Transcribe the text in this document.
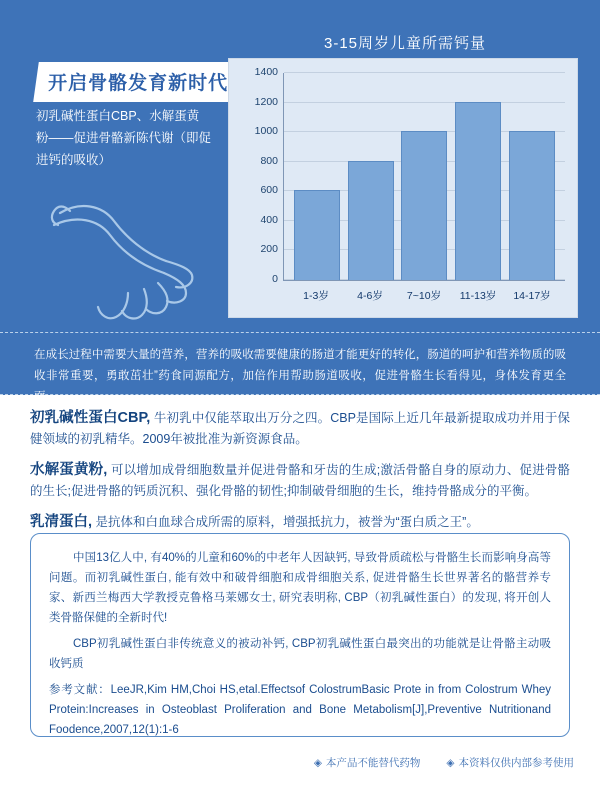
3-15周岁儿童所需钙量
开启骨骼发育新时代
初乳碱性蛋白CBP、水解蛋黄粉——促进骨骼新陈代谢（即促进钙的吸收）
0
200
400
600
800
1000
1200
1400
1-3岁	4-6岁	7~10岁	11-13岁	14-17岁

在成长过程中需要大量的营养，营养的吸收需要健康的肠道才能更好的转化，肠道的呵护和营养物质的吸收非常重要，勇敢茁壮”药食同源配方，加倍作用帮助肠道吸收，促进骨骼生长看得见，身体发育更全面。

初乳碱性蛋白CBP, 牛初乳中仅能萃取出万分之四。CBP是国际上近几年最新提取成功并用于保健领域的初乳精华。2009年被批准为新资源食品。

水解蛋黄粉, 可以增加成骨细胞数量并促进骨骼和牙齿的生成;激活骨骼自身的原动力、促进骨骼的生长;促进骨骼的钙质沉积、强化骨骼的韧性;抑制破骨细胞的生长，维持骨骼成分的平衡。

乳清蛋白, 是抗体和白血球合成所需的原料，增强抵抗力，被誉为“蛋白质之王”。

中国13亿人中, 有40%的儿童和60%的中老年人因缺钙, 导致骨质疏松与骨骼生长而影响身高等问题。而初乳碱性蛋白, 能有效中和破骨细胞和成骨细胞关系, 促进骨骼生长世界著名的骼营养专家、新西兰梅西大学教授克鲁格马莱娜女士, 研究表明称, CBP（初乳碱性蛋白）的发现, 将开创人类骨骼保健的全新时代!

CBP初乳碱性蛋白非传统意义的被动补钙, CBP初乳碱性蛋白最突出的功能就是让骨骼主动吸收钙质

参考文献：LeeJR,Kim HM,Choi HS,etal.Effectsof ColostrumBasic Prote in from Colostrum Whey Protein:Increases in Osteoblast Proliferation and Bone Metabolism[J],Preventive Nutritionand Foodence,2007,12(1):1-6

◈ 本产品不能替代药物 ◈ 本资料仅供内部参考使用
